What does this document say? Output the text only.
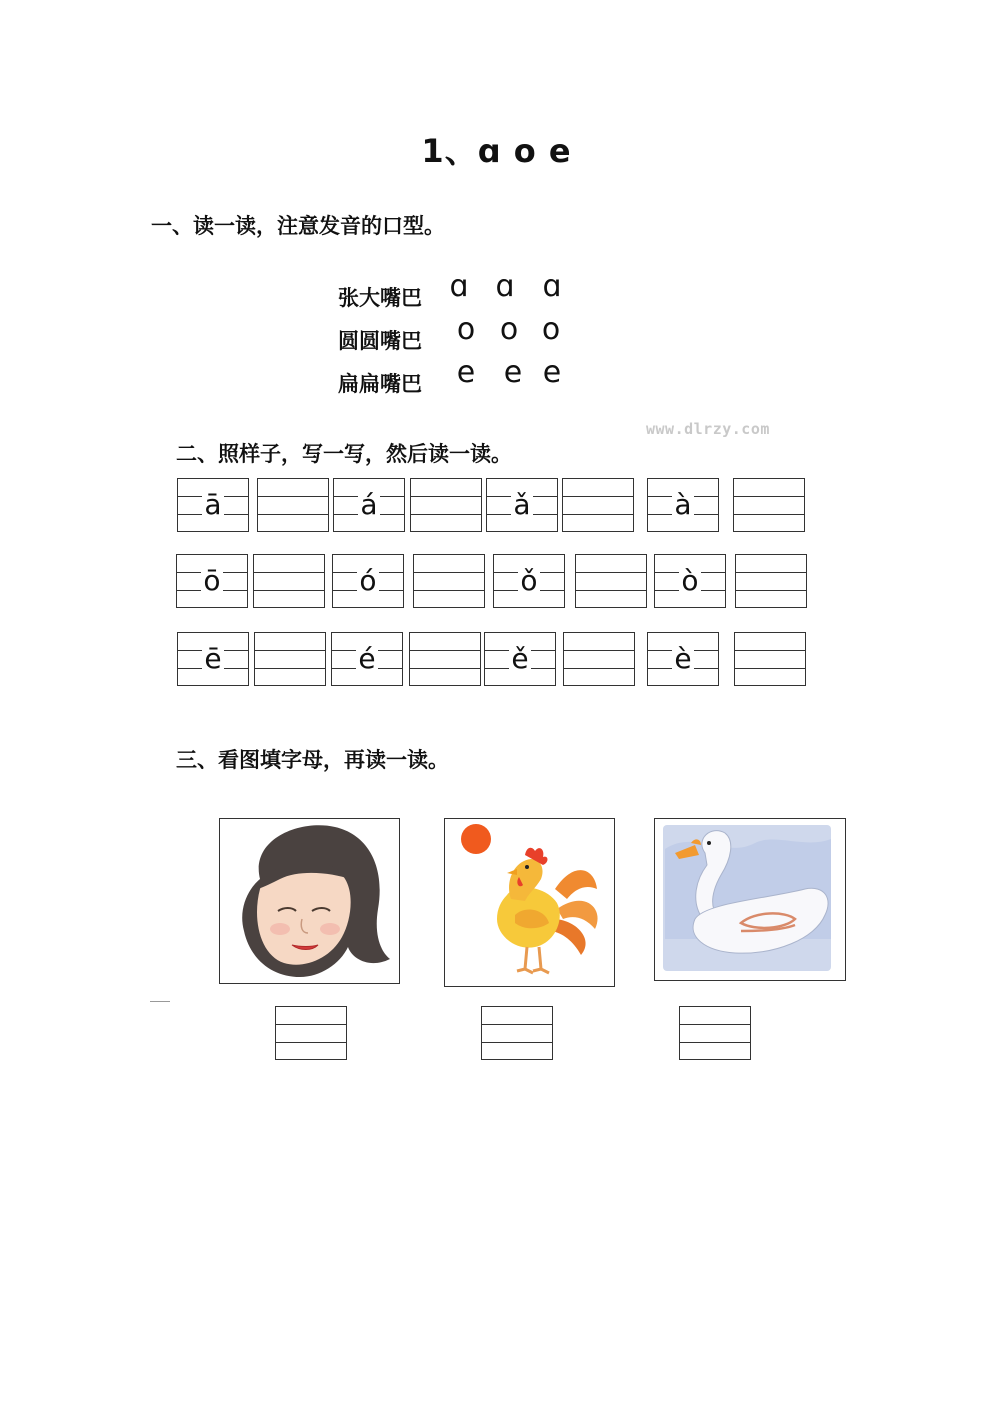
1、ɑ o e
一、读一读，注意发音的口型。
张大嘴巴 ɑ ɑ ɑ
圆圆嘴巴 o o o
扁扁嘴巴 e e e
www.dlrzy.com
二、照样子，写一写，然后读一读。
ā	á	ǎ	à
ō	ó	ǒ	ò
ē	é	ě	è
三、看图填字母，再读一读。
